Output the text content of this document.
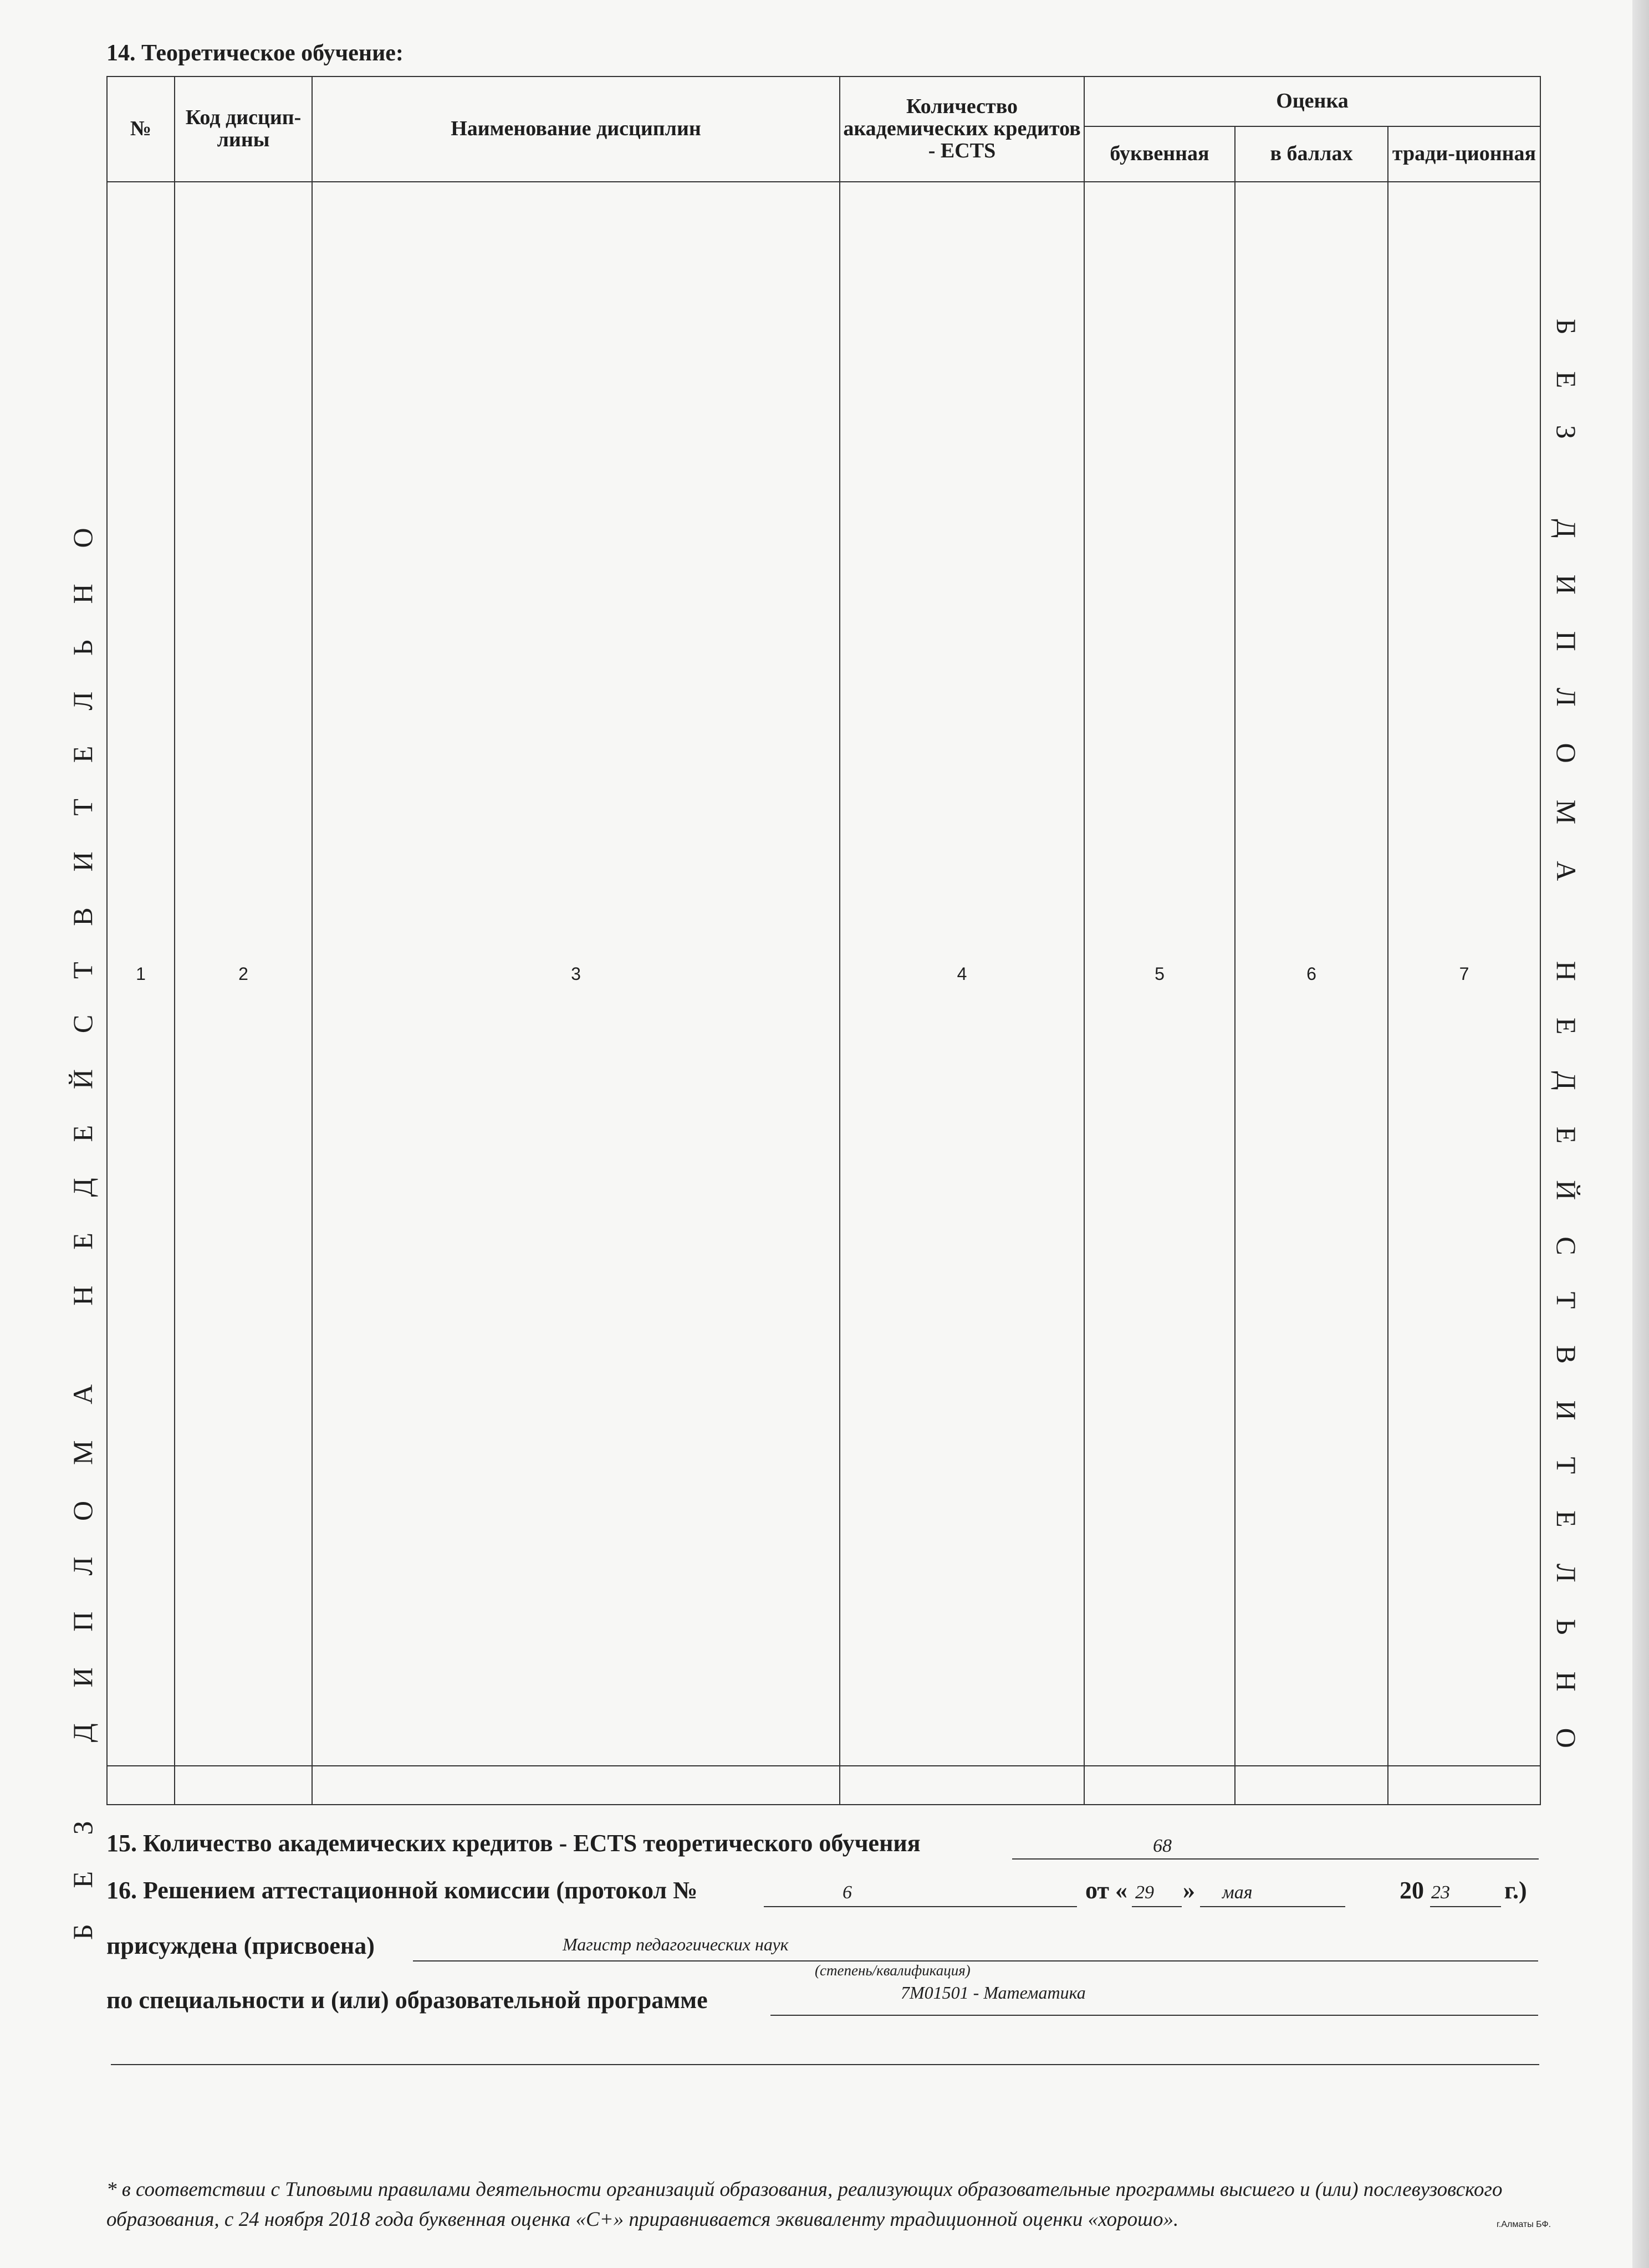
14. Теоретическое обучение:
№	Код дисцип-лины	Наименование дисциплин	Количество академических кредитов - ECTS	Оценка		
				буквенная	в баллах	тради-ционная
1	2	3	4	5	6	7

БЕЗ ДИПЛОМА НЕДЕЙСТВИТЕЛЬНО	БЕЗ ДИПЛОМА НЕДЕЙСТВИТЕЛЬНО
15. Количество академических кредитов - ECTS теоретического обучения	68
16. Решением аттестационной комиссии (протокол №	6	от « 29 » мая	20 23 г.)
присуждена (присвоена)	Магистр педагогических наук
(степень/квалификация)
по специальности и (или) образовательной программе	7М01501 - Математика
* в соответствии с Типовыми правилами деятельности организаций образования, реализующих образовательные программы высшего и (или) послевузовского образования, с 24 ноября 2018 года буквенная оценка «C+» приравнивается эквиваленту традиционной оценки «хорошо».	г.Алматы БФ.
